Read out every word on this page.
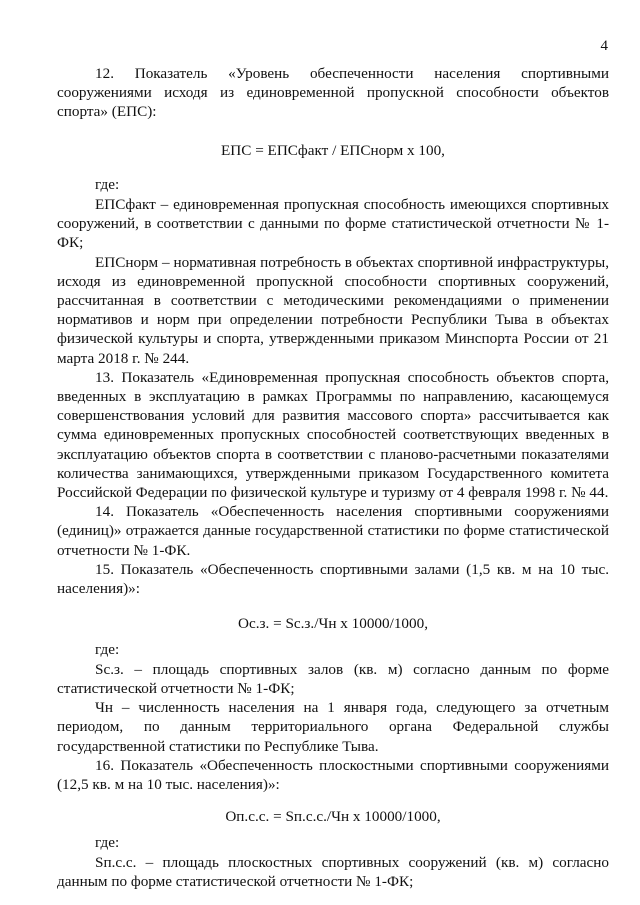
4

12. Показатель «Уровень обеспеченности населения спортивными сооружениями исходя из единовременной пропускной способности объектов спорта» (ЕПС):

ЕПС = ЕПСфакт / ЕПСнорм х 100,

где:

ЕПСфакт – единовременная пропускная способность имеющихся спортивных сооружений, в соответствии с данными по форме статистической отчетности № 1-ФК;

ЕПСнорм – нормативная потребность в объектах спортивной инфраструктуры, исходя из единовременной пропускной способности спортивных сооружений, рассчитанная в соответствии с методическими рекомендациями о применении нормативов и норм при определении потребности Республики Тыва в объектах физической культуры и спорта, утвержденными приказом Минспорта России от 21 марта 2018 г. № 244.

13. Показатель «Единовременная пропускная способность объектов спорта, введенных в эксплуатацию в рамках Программы по направлению, касающемуся совершенствования условий для развития массового спорта» рассчитывается как сумма единовременных пропускных способностей соответствующих введенных в эксплуатацию объектов спорта в соответствии с планово-расчетными показателями количества занимающихся, утвержденными приказом Государственного комитета Российской Федерации по физической культуре и туризму от 4 февраля 1998 г. № 44.

14. Показатель «Обеспеченность населения спортивными сооружениями (единиц)» отражается данные государственной статистики по форме статистической отчетности № 1-ФК.

15. Показатель «Обеспеченность спортивными залами (1,5 кв. м на 10 тыс. населения)»:

Ос.з. = Sс.з./Чн х 10000/1000,

где:

Sс.з. – площадь спортивных залов (кв. м) согласно данным по форме статистической отчетности № 1-ФК;

Чн – численность населения на 1 января года, следующего за отчетным периодом, по данным территориального органа Федеральной службы государственной статистики по Республике Тыва.

16. Показатель «Обеспеченность плоскостными спортивными сооружениями (12,5 кв. м на 10 тыс. населения)»:

Оп.с.с. = Sп.с.с./Чн х 10000/1000,

где:

Sп.с.с. – площадь плоскостных спортивных сооружений (кв. м) согласно данным по форме статистической отчетности № 1-ФК;
